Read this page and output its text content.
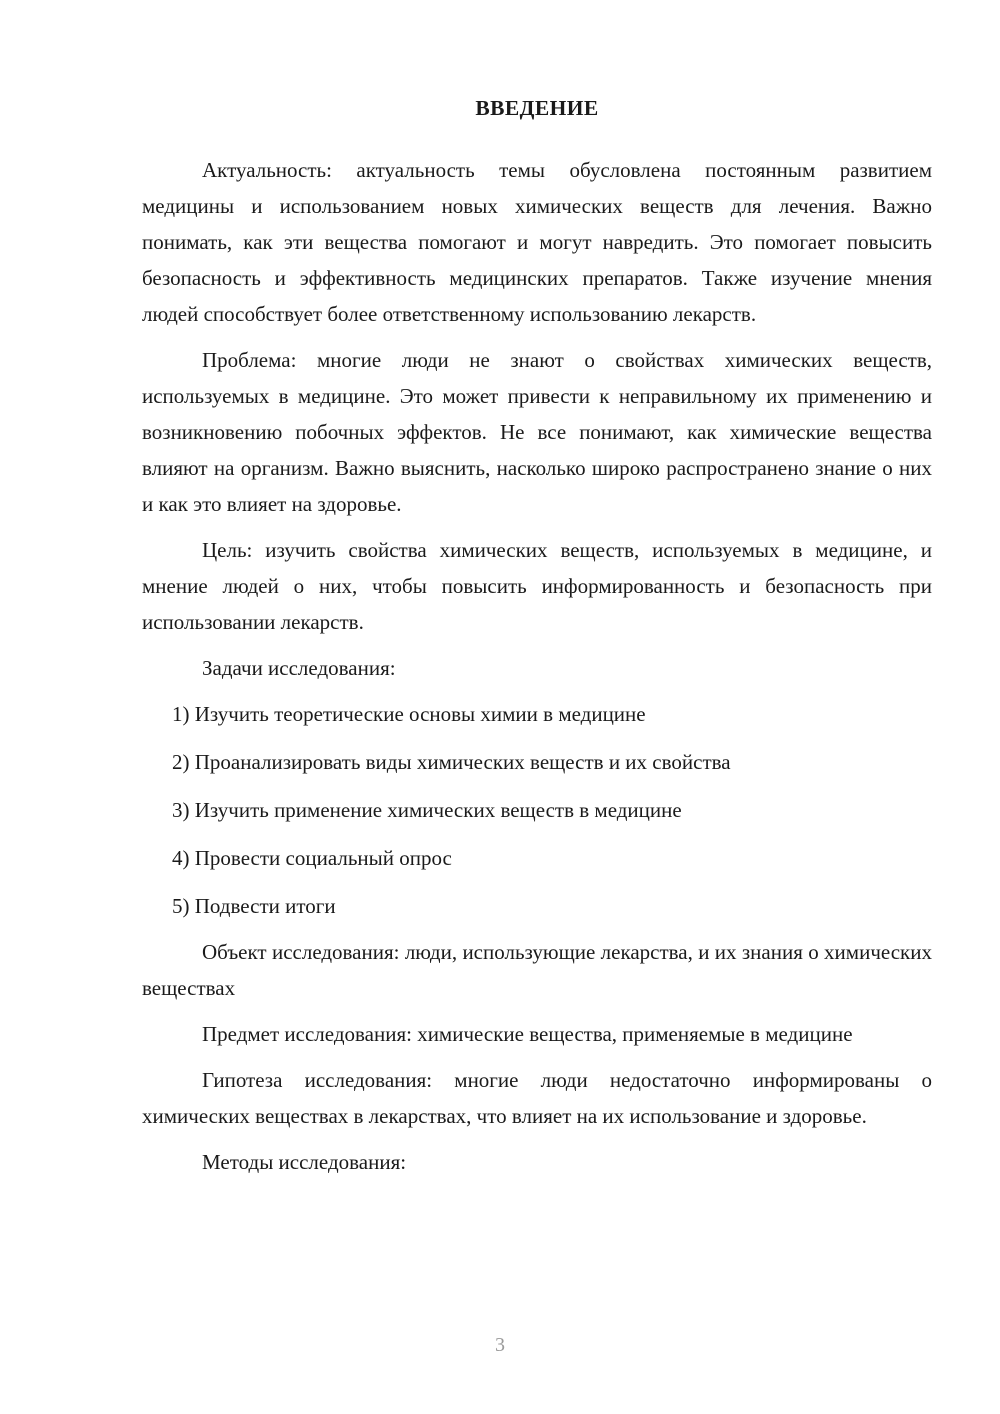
ВВЕДЕНИЕ

Актуальность: актуальность темы обусловлена постоянным развитием медицины и использованием новых химических веществ для лечения. Важно понимать, как эти вещества помогают и могут навредить. Это помогает повысить безопасность и эффективность медицинских препаратов. Также изучение мнения людей способствует более ответственному использованию лекарств.

Проблема: многие люди не знают о свойствах химических веществ, используемых в медицине. Это может привести к неправильному их применению и возникновению побочных эффектов. Не все понимают, как химические вещества влияют на организм. Важно выяснить, насколько широко распространено знание о них и как это влияет на здоровье.

Цель: изучить свойства химических веществ, используемых в медицине, и мнение людей о них, чтобы повысить информированность и безопасность при использовании лекарств.

Задачи исследования:

1) Изучить теоретические основы химии в медицине
2) Проанализировать виды химических веществ и их свойства
3) Изучить применение химических веществ в медицине
4) Провести социальный опрос
5) Подвести итоги

Объект исследования: люди, использующие лекарства, и их знания о химических веществах

Предмет исследования: химические вещества, применяемые в медицине

Гипотеза исследования: многие люди недостаточно информированы о химических веществах в лекарствах, что влияет на их использование и здоровье.

Методы исследования:

3
